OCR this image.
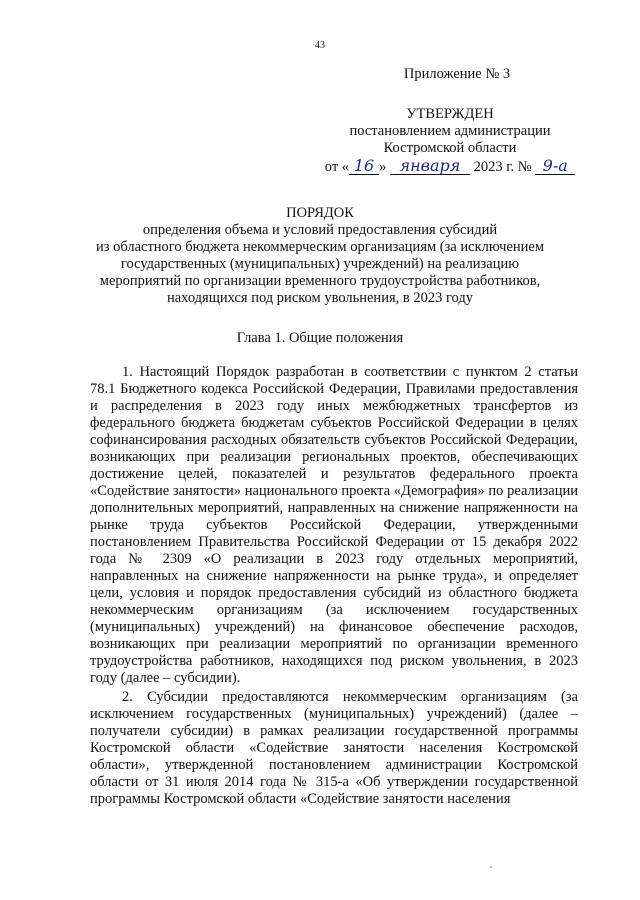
43
Приложение № 3
УТВЕРЖДЕН
постановлением администрации
Костромской области
от « 16 » января 2023 г. № 9-а
ПОРЯДОК
определения объема и условий предоставления субсидий
из областного бюджета некоммерческим организациям (за исключением
государственных (муниципальных) учреждений) на реализацию
мероприятий по организации временного трудоустройства работников,
находящихся под риском увольнения, в 2023 году
Глава 1. Общие положения

1. Настоящий Порядок разработан в соответствии с пунктом 2 статьи 78.1 Бюджетного кодекса Российской Федерации, Правилами предоставления и распределения в 2023 году иных межбюджетных трансфертов из федерального бюджета бюджетам субъектов Российской Федерации в целях софинансирования расходных обязательств субъектов Российской Федерации, возникающих при реализации региональных проектов, обеспечивающих достижение целей, показателей и результатов федерального проекта «Содействие занятости» национального проекта «Демография» по реализации дополнительных мероприятий, направленных на снижение напряженности на рынке труда субъектов Российской Федерации, утвержденными постановлением Правительства Российской Федерации от 15 декабря 2022 года № 2309 «О реализации в 2023 году отдельных мероприятий, направленных на снижение напряженности на рынке труда», и определяет цели, условия и порядок предоставления субсидий из областного бюджета некоммерческим организациям (за исключением государственных (муниципальных) учреждений) на финансовое обеспечение расходов, возникающих при реализации мероприятий по организации временного трудоустройства работников, находящихся под риском увольнения, в 2023 году (далее – субсидии).

2. Субсидии предоставляются некоммерческим организациям (за исключением государственных (муниципальных) учреждений) (далее – получатели субсидии) в рамках реализации государственной программы Костромской области «Содействие занятости населения Костромской области», утвержденной постановлением администрации Костромской области от 31 июля 2014 года № 315-а «Об утверждении государственной программы Костромской области «Содействие занятости населения
